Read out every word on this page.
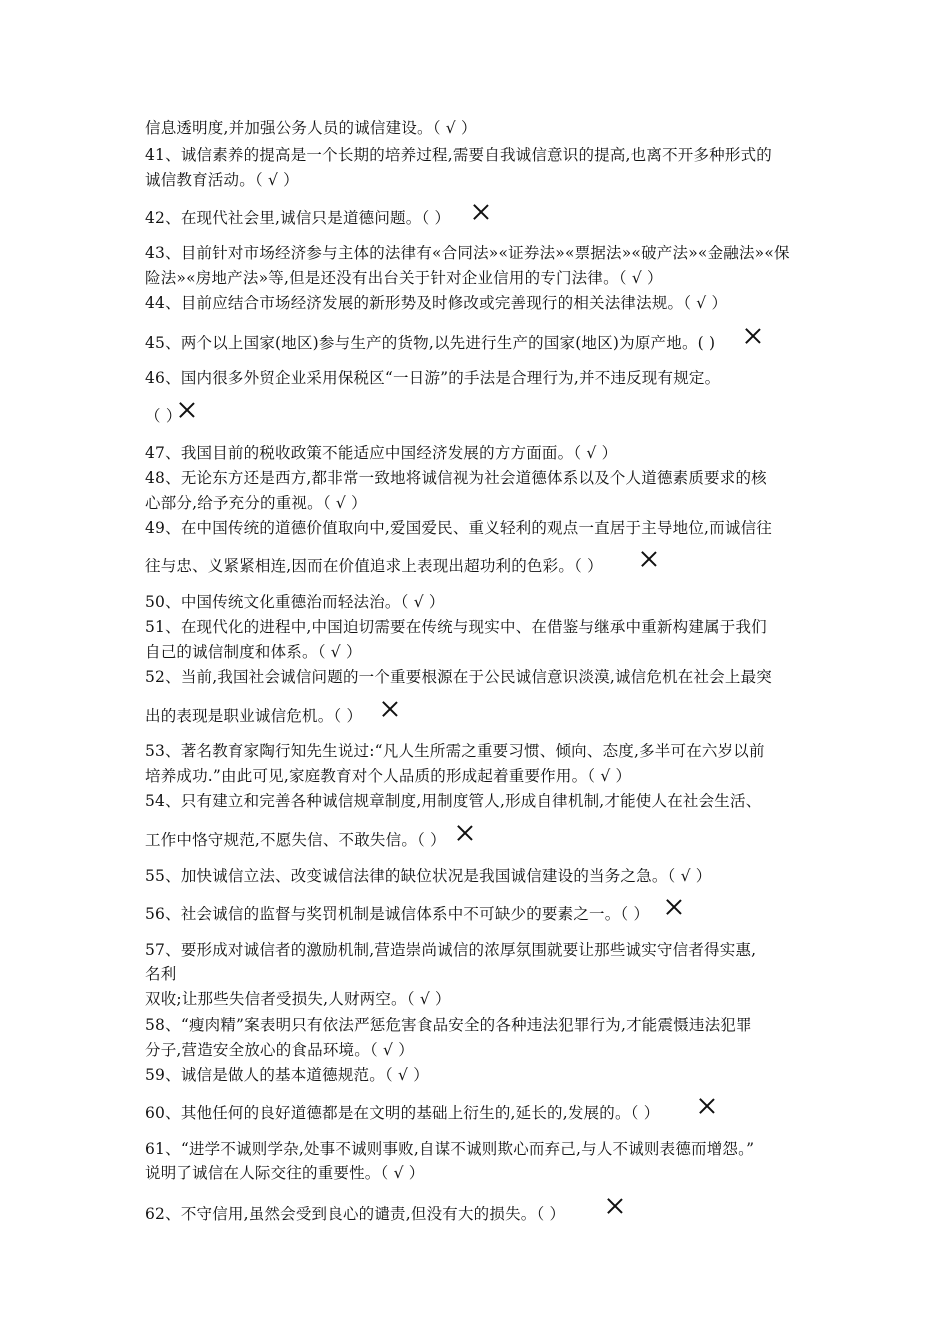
信息透明度,并加强公务人员的诚信建设。（ √ ）
41、诚信素养的提高是一个长期的培养过程,需要自我诚信意识的提高,也离不开多种形式的
诚信教育活动。（ √ ）
42、在现代社会里,诚信只是道德问题。（ ）
43、目前针对市场经济参与主体的法律有«合同法»«证券法»«票据法»«破产法»«金融法»«保
险法»«房地产法»等,但是还没有出台关于针对企业信用的专门法律。（ √ ）
44、目前应结合市场经济发展的新形势及时修改或完善现行的相关法律法规。（ √ ）
45、两个以上国家(地区)参与生产的货物,以先进行生产的国家(地区)为原产地。( )
46、国内很多外贸企业采用保税区“一日游”的手法是合理行为,并不违反现有规定。
（ ）
47、我国目前的税收政策不能适应中国经济发展的方方面面。（ √ ）
48、无论东方还是西方,都非常一致地将诚信视为社会道德体系以及个人道德素质要求的核
心部分,给予充分的重视。（ √ ）
49、在中国传统的道德价值取向中,爱国爱民、重义轻利的观点一直居于主导地位,而诚信往
往与忠、义紧紧相连,因而在价值追求上表现出超功利的色彩。（ ）
50、中国传统文化重德治而轻法治。（ √ ）
51、在现代化的进程中,中国迫切需要在传统与现实中、在借鉴与继承中重新构建属于我们
自己的诚信制度和体系。（ √ ）
52、当前,我国社会诚信问题的一个重要根源在于公民诚信意识淡漠,诚信危机在社会上最突
出的表现是职业诚信危机。（ ）
53、著名教育家陶行知先生说过:“凡人生所需之重要习惯、倾向、态度,多半可在六岁以前
培养成功.”由此可见,家庭教育对个人品质的形成起着重要作用。（ √ ）
54、只有建立和完善各种诚信规章制度,用制度管人,形成自律机制,才能使人在社会生活、
工作中恪守规范,不愿失信、不敢失信。（ ）
55、加快诚信立法、改变诚信法律的缺位状况是我国诚信建设的当务之急。（ √ ）
56、社会诚信的监督与奖罚机制是诚信体系中不可缺少的要素之一。（ ）
57、要形成对诚信者的激励机制,营造崇尚诚信的浓厚氛围就要让那些诚实守信者得实惠,
名利
双收;让那些失信者受损失,人财两空。（ √ ）
58、“瘦肉精”案表明只有依法严惩危害食品安全的各种违法犯罪行为,才能震慑违法犯罪
分子,营造安全放心的食品环境。（ √ ）
59、诚信是做人的基本道德规范。（ √ ）
60、其他任何的良好道德都是在文明的基础上衍生的,延长的,发展的。（ ）
61、“进学不诚则学杂,处事不诚则事败,自谋不诚则欺心而弃己,与人不诚则表德而增怨。”
说明了诚信在人际交往的重要性。（ √ ）
62、不守信用,虽然会受到良心的谴责,但没有大的损失。（ ）
